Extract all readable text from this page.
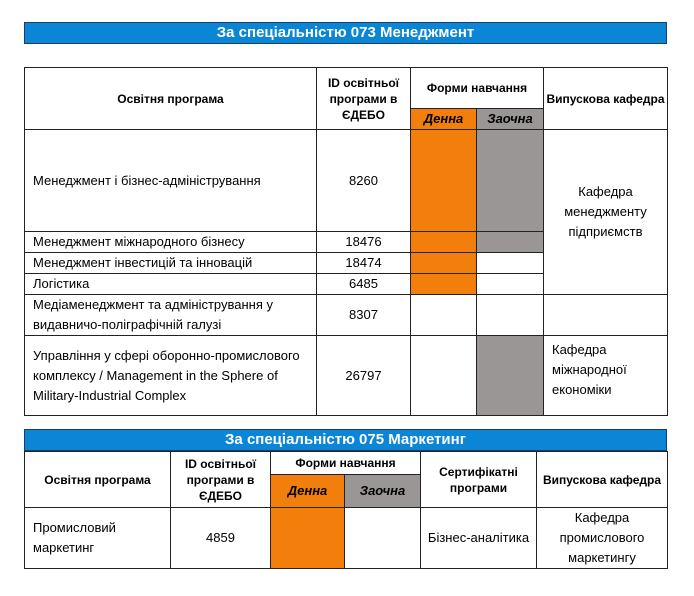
За спеціальністю 073 Менеджмент
Освітня програма	ID освітньої програми в ЄДЕБО	Форми навчання		Випускова кафедра
		Денна	Заочна	
Менеджмент і бізнес-адміністрування	8260			Кафедра менеджменту підприємств
Менеджмент міжнародного бізнесу	18476			
Менеджмент інвестицій та інновацій	18474			
Логістика	6485			
Медіаменеджмент та адміністрування у видавничо-поліграфічній галузі	8307			
Управління у сфері оборонно-промислового комплексу / Management in the Sphere of Military-Industrial Complex	26797			Кафедра міжнародної економіки
За спеціальністю 075 Маркетинг
Освітня програма	ID освітньої програми в ЄДЕБО	Форми навчання		Сертифікатні програми	Випускова кафедра
		Денна	Заочна		
Промисловий маркетинг	4859			Бізнес-аналітика	Кафедра промислового маркетингу
